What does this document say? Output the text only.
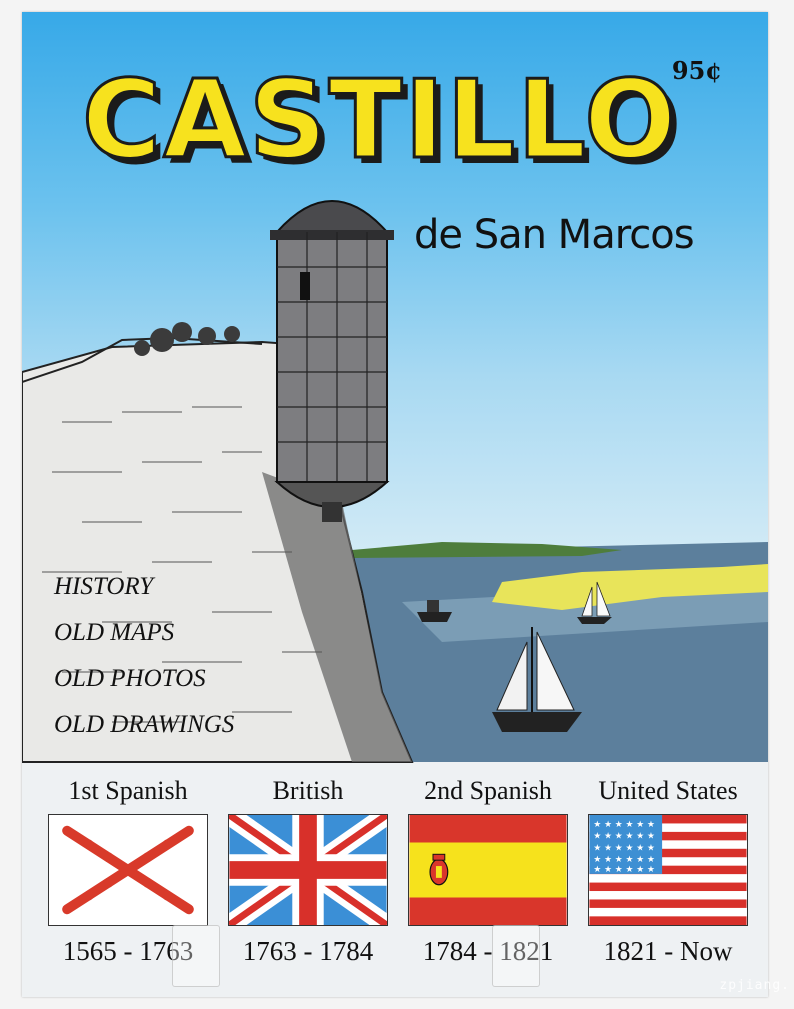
95¢
CASTILLO
de San Marcos
HISTORY
OLD MAPS
OLD PHOTOS
OLD DRAWINGS
1st Spanish
1565 - 1763
British
1763 - 1784
2nd Spanish
1784 - 1821
United States
★ ★ ★ ★ ★ ★
★ ★ ★ ★ ★ ★
★ ★ ★ ★ ★ ★
★ ★ ★ ★ ★ ★
★ ★ ★ ★ ★ ★
1821 - Now
zpjiang.
